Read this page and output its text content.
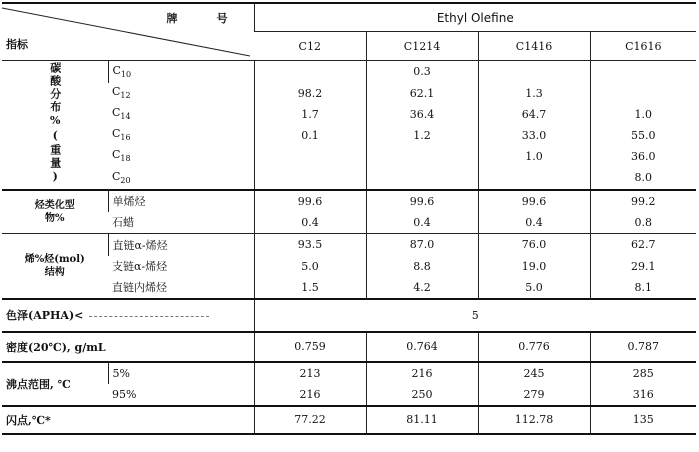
牌　号
指标		Ethyl Olefine			
		C12	C1214	C1416	C1616
碳酸分布%(重量)	$C_{10}$		0.3		
	$C_{12}$	98.2	62.1	1.3	
	$C_{14}$	1.7	36.4	64.7	1.0
	$C_{16}$	0.1	1.2	33.0	55.0
	$C_{18}$			1.0	36.0
	$C_{20}$				8.0
烃类化型物%	单烯烃	99.6	99.6	99.6	99.2
	石蜡	0.4	0.4	0.4	0.8
烯%烃(mol)结构	直链α-烯烃	93.5	87.0	76.0	62.7
	支链α-烯烃	5.0	8.8	19.0	29.1
	直链内烯烃	1.5	4.2	5.0	8.1
色泽(APHA)<		5			
密度(20℃), g/mL		0.759	0.764	0.776	0.787
沸点范围, ℃	5%	213	216	245	285
	95%	216	250	279	316
闪点,℃*		77.22	81.11	112.78	135
